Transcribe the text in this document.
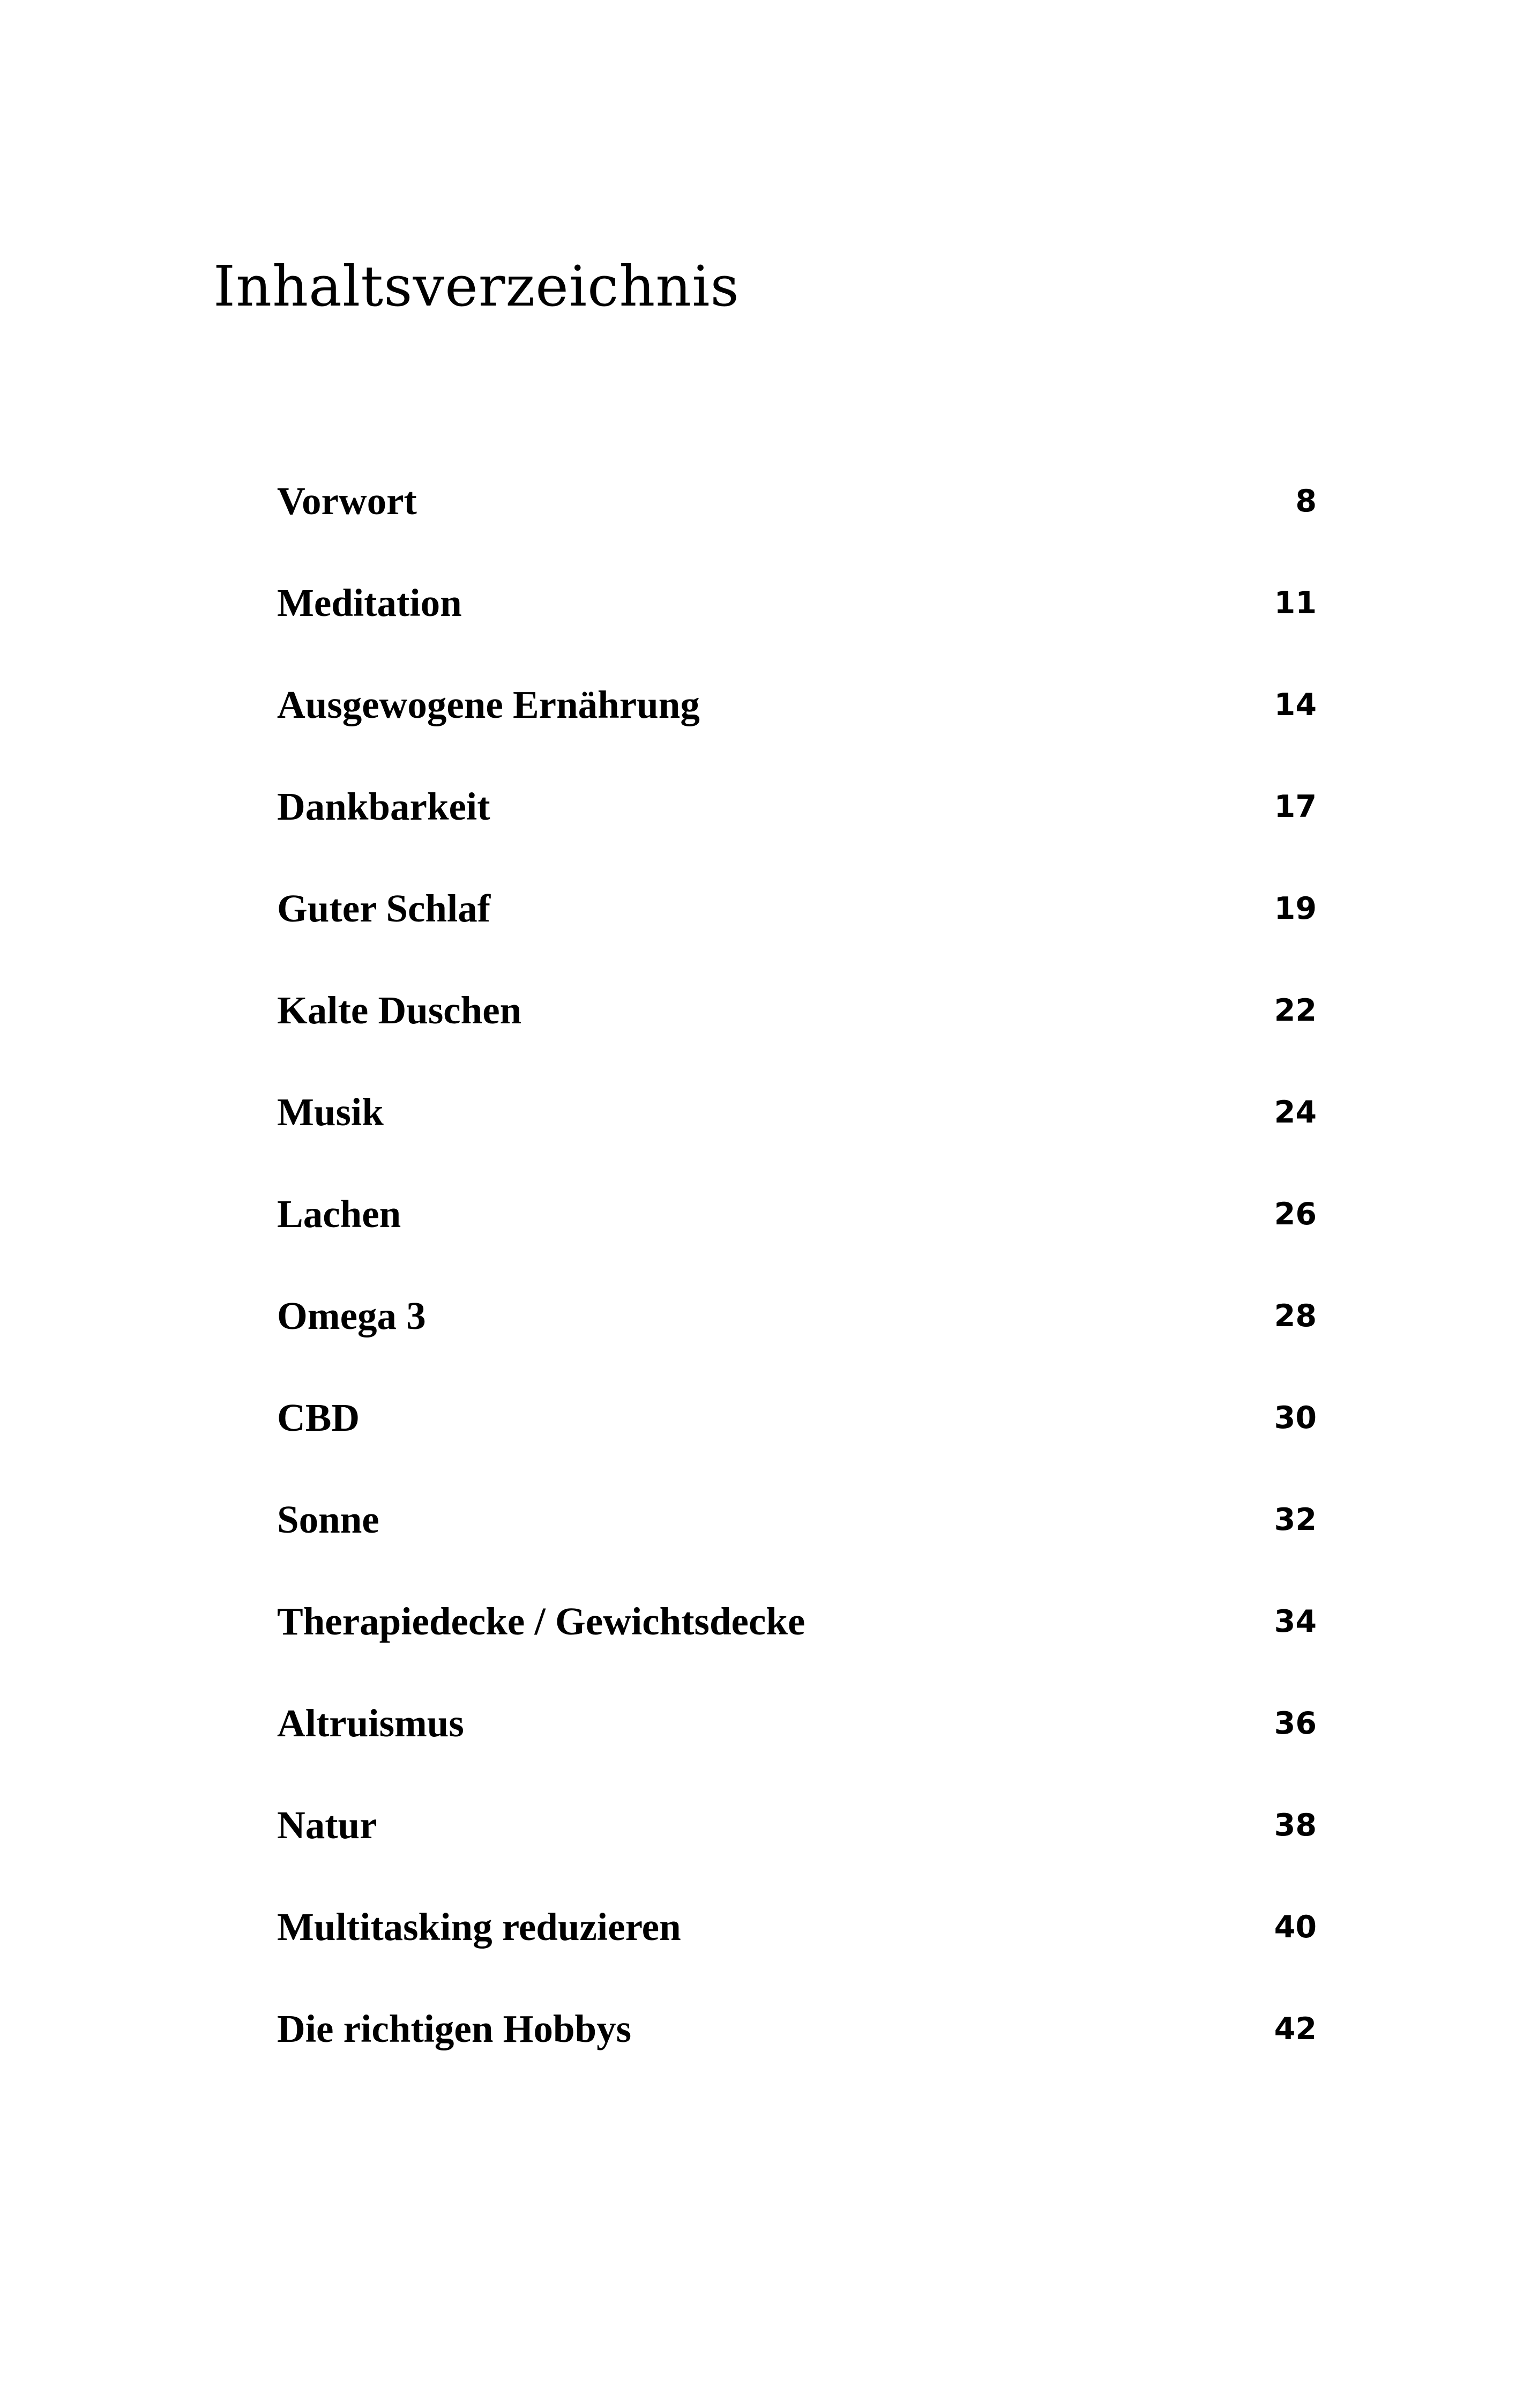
Inhaltsverzeichnis
Vorwort	8
Meditation	11
Ausgewogene Ernährung	14
Dankbarkeit	17
Guter Schlaf	19
Kalte Duschen	22
Musik	24
Lachen	26
Omega 3	28
CBD	30
Sonne	32
Therapiedecke / Gewichtsdecke	34
Altruismus	36
Natur	38
Multitasking reduzieren	40
Die richtigen Hobbys	42
